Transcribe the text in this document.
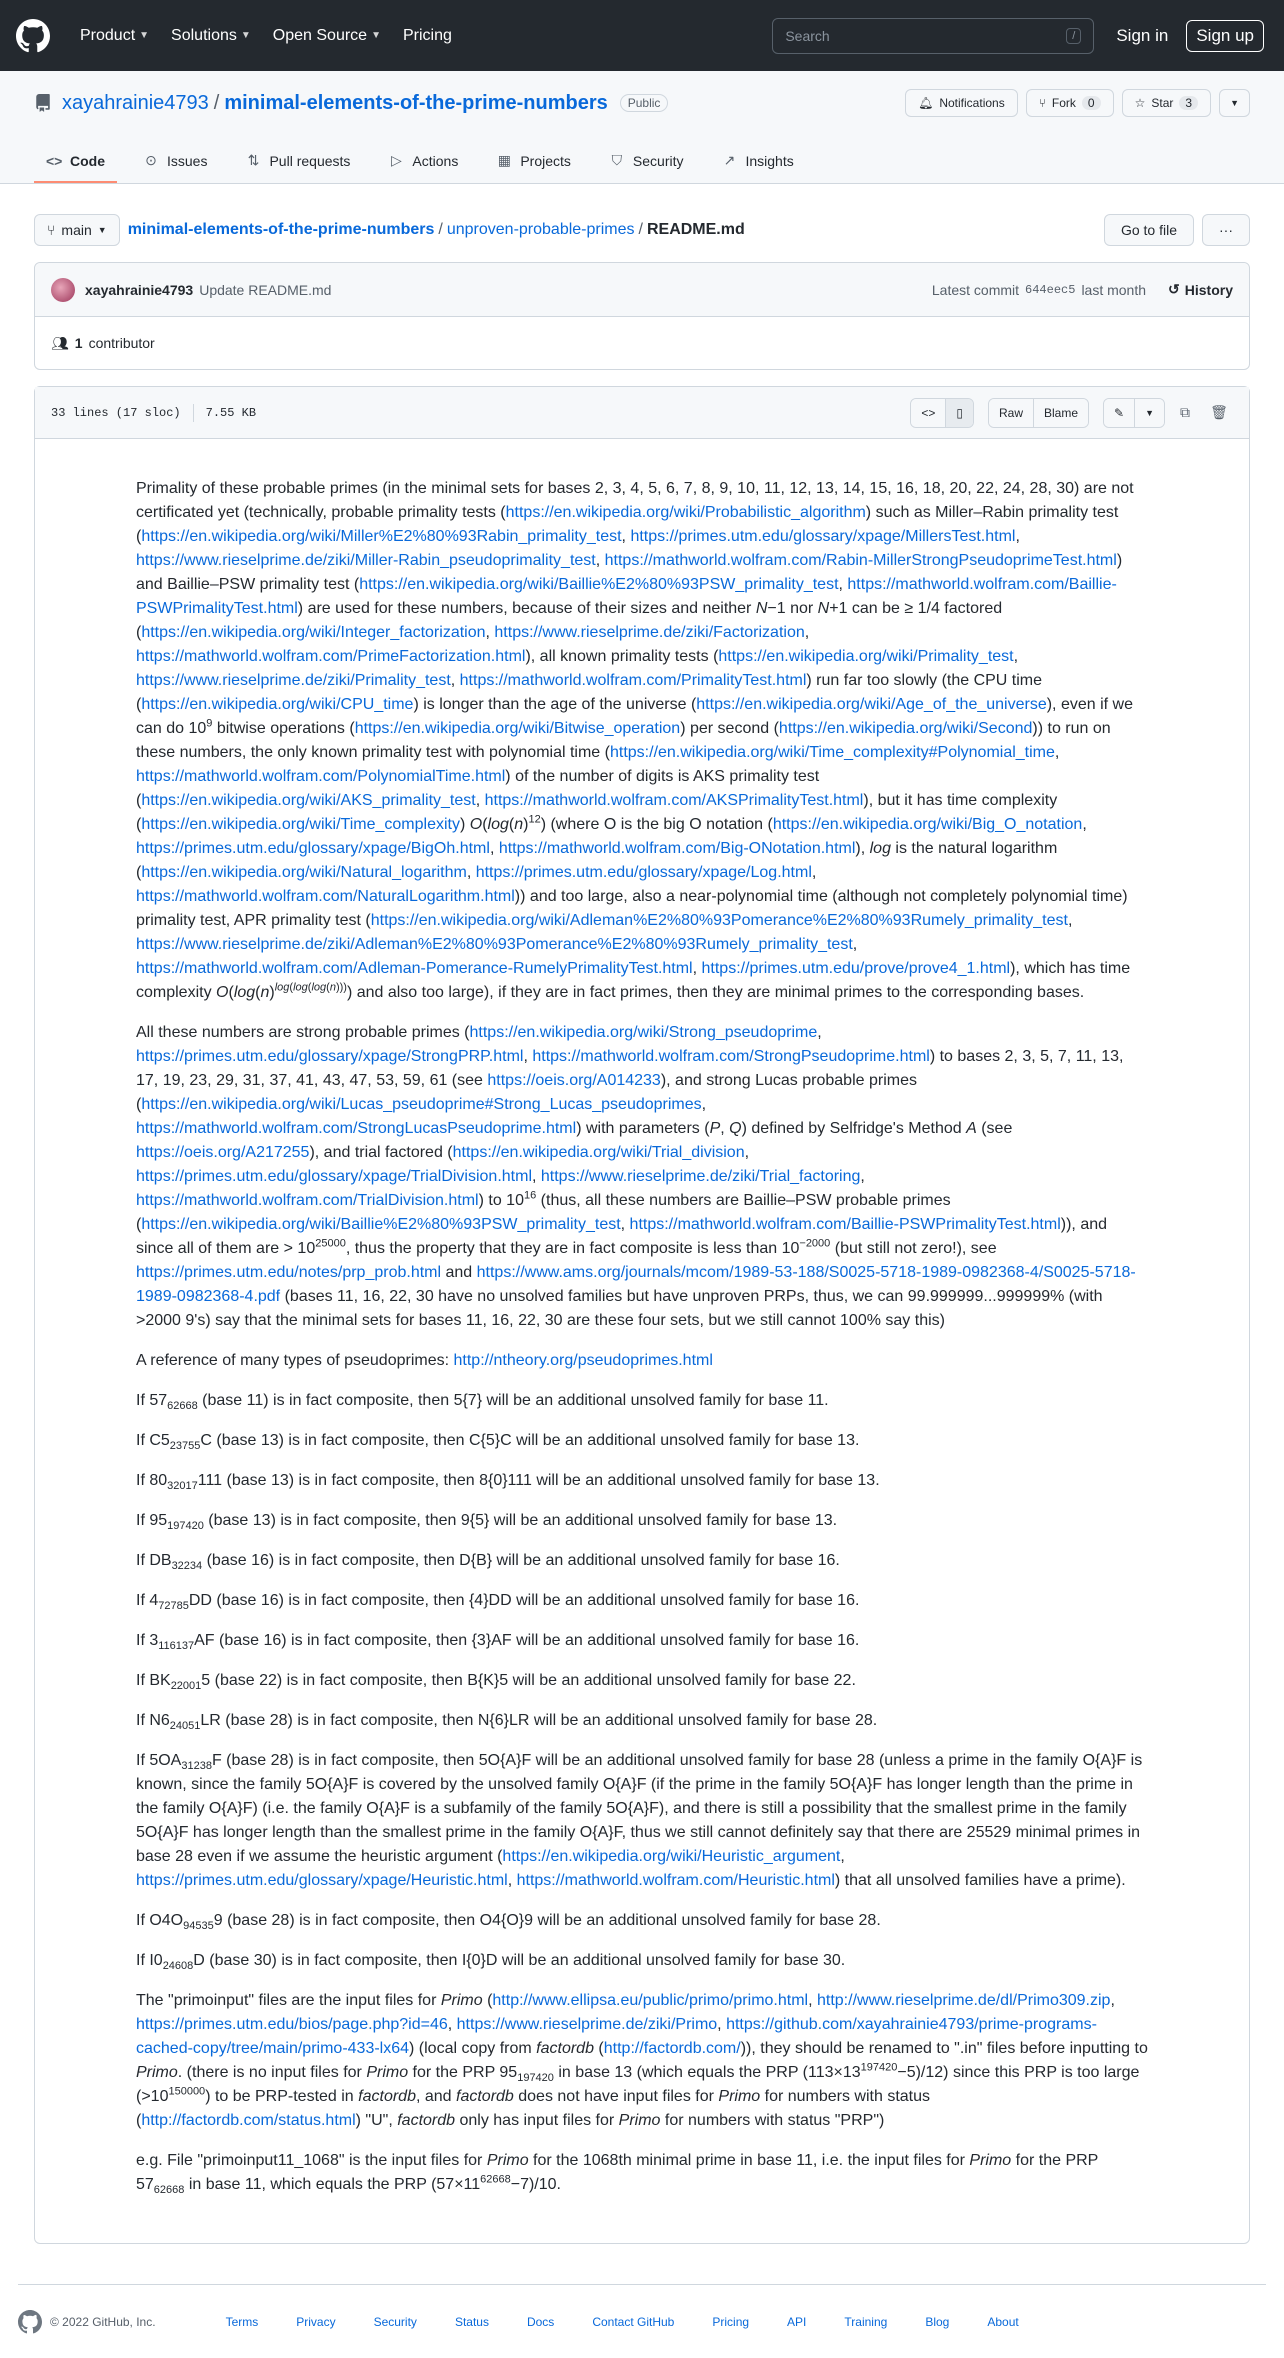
Product ▼ Solutions ▼ Open Source ▼ Pricing	Search	/	Sign in	Sign up
xayahrainie4793 / minimal-elements-of-the-prime-numbers	Public	🔔︎ Notifications	⑂ Fork	0	☆ Star	3	▼
<> Code	⊙ Issues	⇅ Pull requests	▷ Actions	▦ Projects	⛉ Security	↗ Insights
⑂ main ▼ minimal-elements-of-the-prime-numbers / unproven-probable-primes / README.md	Go to file	···
xayahrainie4793 Update README.md	Latest commit 644eec5 last month ↺ History
👥︎ 1 contributor
33 lines (17 sloc) 7.55 KB	<> ▯	Raw	Blame	✎ ▼	⧉	🗑︎

Primality of these probable primes (in the minimal sets for bases 2, 3, 4, 5, 6, 7, 8, 9, 10, 11, 12, 13, 14, 15, 16, 18, 20, 22, 24, 28, 30) are not certificated yet (technically, probable primality tests (https://en.wikipedia.org/wiki/Probabilistic_algorithm) such as Miller–Rabin primality test (https://en.wikipedia.org/wiki/Miller%E2%80%93Rabin_primality_test, https://primes.utm.edu/glossary/xpage/MillersTest.html, https://www.rieselprime.de/ziki/Miller-Rabin_pseudoprimality_test, https://mathworld.wolfram.com/Rabin-MillerStrongPseudoprimeTest.html) and Baillie–PSW primality test (https://en.wikipedia.org/wiki/Baillie%E2%80%93PSW_primality_test, https://mathworld.wolfram.com/Baillie-PSWPrimalityTest.html) are used for these numbers, because of their sizes and neither N−1 nor N+1 can be ≥ 1/4 factored (https://en.wikipedia.org/wiki/Integer_factorization, https://www.rieselprime.de/ziki/Factorization, https://mathworld.wolfram.com/PrimeFactorization.html), all known primality tests (https://en.wikipedia.org/wiki/Primality_test, https://www.rieselprime.de/ziki/Primality_test, https://mathworld.wolfram.com/PrimalityTest.html) run far too slowly (the CPU time (https://en.wikipedia.org/wiki/CPU_time) is longer than the age of the universe (https://en.wikipedia.org/wiki/Age_of_the_universe), even if we can do $10^9$ bitwise operations (https://en.wikipedia.org/wiki/Bitwise_operation) per second (https://en.wikipedia.org/wiki/Second)) to run on these numbers, the only known primality test with polynomial time (https://en.wikipedia.org/wiki/Time_complexity#Polynomial_time, https://mathworld.wolfram.com/PolynomialTime.html) of the number of digits is AKS primality test (https://en.wikipedia.org/wiki/AKS_primality_test, https://mathworld.wolfram.com/AKSPrimalityTest.html), but it has time complexity (https://en.wikipedia.org/wiki/Time_complexity) $O(\log(n)^{12})$ (where O is the big O notation (https://en.wikipedia.org/wiki/Big_O_notation, https://primes.utm.edu/glossary/xpage/BigOh.html, https://mathworld.wolfram.com/Big-ONotation.html), log is the natural logarithm (https://en.wikipedia.org/wiki/Natural_logarithm, https://primes.utm.edu/glossary/xpage/Log.html, https://mathworld.wolfram.com/NaturalLogarithm.html)) and too large, also a near-polynomial time (although not completely polynomial time) primality test, APR primality test (https://en.wikipedia.org/wiki/Adleman%E2%80%93Pomerance%E2%80%93Rumely_primality_test, https://www.rieselprime.de/ziki/Adleman%E2%80%93Pomerance%E2%80%93Rumely_primality_test, https://mathworld.wolfram.com/Adleman-Pomerance-RumelyPrimalityTest.html, https://primes.utm.edu/prove/prove4_1.html), which has time complexity $O(\log(n)^{log(log(log(n)))})$ and also too large), if they are in fact primes, then they are minimal primes to the corresponding bases.

All these numbers are strong probable primes (https://en.wikipedia.org/wiki/Strong_pseudoprime, https://primes.utm.edu/glossary/xpage/StrongPRP.html, https://mathworld.wolfram.com/StrongPseudoprime.html) to bases 2, 3, 5, 7, 11, 13, 17, 19, 23, 29, 31, 37, 41, 43, 47, 53, 59, 61 (see https://oeis.org/A014233), and strong Lucas probable primes (https://en.wikipedia.org/wiki/Lucas_pseudoprime#Strong_Lucas_pseudoprimes, https://mathworld.wolfram.com/StrongLucasPseudoprime.html) with parameters (P, Q) defined by Selfridge's Method A (see https://oeis.org/A217255), and trial factored (https://en.wikipedia.org/wiki/Trial_division, https://primes.utm.edu/glossary/xpage/TrialDivision.html, https://www.rieselprime.de/ziki/Trial_factoring, https://mathworld.wolfram.com/TrialDivision.html) to $10^{16}$ (thus, all these numbers are Baillie–PSW probable primes (https://en.wikipedia.org/wiki/Baillie%E2%80%93PSW_primality_test, https://mathworld.wolfram.com/Baillie-PSWPrimalityTest.html)), and since all of them are > $10^{25000}$, thus the property that they are in fact composite is less than $10^{-2000}$ (but still not zero!), see https://primes.utm.edu/notes/prp_prob.html and https://www.ams.org/journals/mcom/1989-53-188/S0025-5718-1989-0982368-4/S0025-5718-1989-0982368-4.pdf (bases 11, 16, 22, 30 have no unsolved families but have unproven PRPs, thus, we can 99.999999...999999% (with >2000 9's) say that the minimal sets for bases 11, 16, 22, 30 are these four sets, but we still cannot 100% say this)

A reference of many types of pseudoprimes: http://ntheory.org/pseudoprimes.html

If $57_{62668}$ (base 11) is in fact composite, then 5{7} will be an additional unsolved family for base 11.

If $C5_{23755}C$ (base 13) is in fact composite, then C{5}C will be an additional unsolved family for base 13.

If $80_{32017}111$ (base 13) is in fact composite, then 8{0}111 will be an additional unsolved family for base 13.

If $95_{197420}$ (base 13) is in fact composite, then 9{5} will be an additional unsolved family for base 13.

If $DB_{32234}$ (base 16) is in fact composite, then D{B} will be an additional unsolved family for base 16.

If $4_{72785}DD$ (base 16) is in fact composite, then {4}DD will be an additional unsolved family for base 16.

If $3_{116137}AF$ (base 16) is in fact composite, then {3}AF will be an additional unsolved family for base 16.

If $BK_{22001}5$ (base 22) is in fact composite, then B{K}5 will be an additional unsolved family for base 22.

If $N6_{24051}LR$ (base 28) is in fact composite, then N{6}LR will be an additional unsolved family for base 28.

If $5OA_{31238}F$ (base 28) is in fact composite, then 5O{A}F will be an additional unsolved family for base 28 (unless a prime in the family O{A}F is known, since the family 5O{A}F is covered by the unsolved family O{A}F (if the prime in the family 5O{A}F has longer length than the prime in the family O{A}F) (i.e. the family O{A}F is a subfamily of the family 5O{A}F), and there is still a possibility that the smallest prime in the family 5O{A}F has longer length than the smallest prime in the family O{A}F, thus we still cannot definitely say that there are 25529 minimal primes in base 28 even if we assume the heuristic argument (https://en.wikipedia.org/wiki/Heuristic_argument, https://primes.utm.edu/glossary/xpage/Heuristic.html, https://mathworld.wolfram.com/Heuristic.html) that all unsolved families have a prime).

If $O4O_{94535}9$ (base 28) is in fact composite, then O4{O}9 will be an additional unsolved family for base 28.

If $I0_{24608}D$ (base 30) is in fact composite, then I{0}D will be an additional unsolved family for base 30.

The "primoinput" files are the input files for Primo (http://www.ellipsa.eu/public/primo/primo.html, http://www.rieselprime.de/dl/Primo309.zip, https://primes.utm.edu/bios/page.php?id=46, https://www.rieselprime.de/ziki/Primo, https://github.com/xayahrainie4793/prime-programs-cached-copy/tree/main/primo-433-lx64) (local copy from factordb (http://factordb.com/)), they should be renamed to ".in" files before inputting to Primo. (there is no input files for Primo for the PRP $95_{197420}$ in base 13 (which equals the PRP $(113\times 13^{197420}-5)/12$) since this PRP is too large $(>10^{150000})$ to be PRP-tested in factordb, and factordb does not have input files for Primo for numbers with status (http://factordb.com/status.html) "U", factordb only has input files for Primo for numbers with status "PRP")

e.g. File "primoinput11_1068" is the input files for Primo for the 1068th minimal prime in base 11, i.e. the input files for Primo for the PRP $57_{62668}$ in base 11, which equals the PRP $(57\times 11^{62668}-7)/10$.

© 2022 GitHub, Inc.	Terms	Privacy	Security	Status	Docs	Contact GitHub	Pricing	API	Training	Blog	About
